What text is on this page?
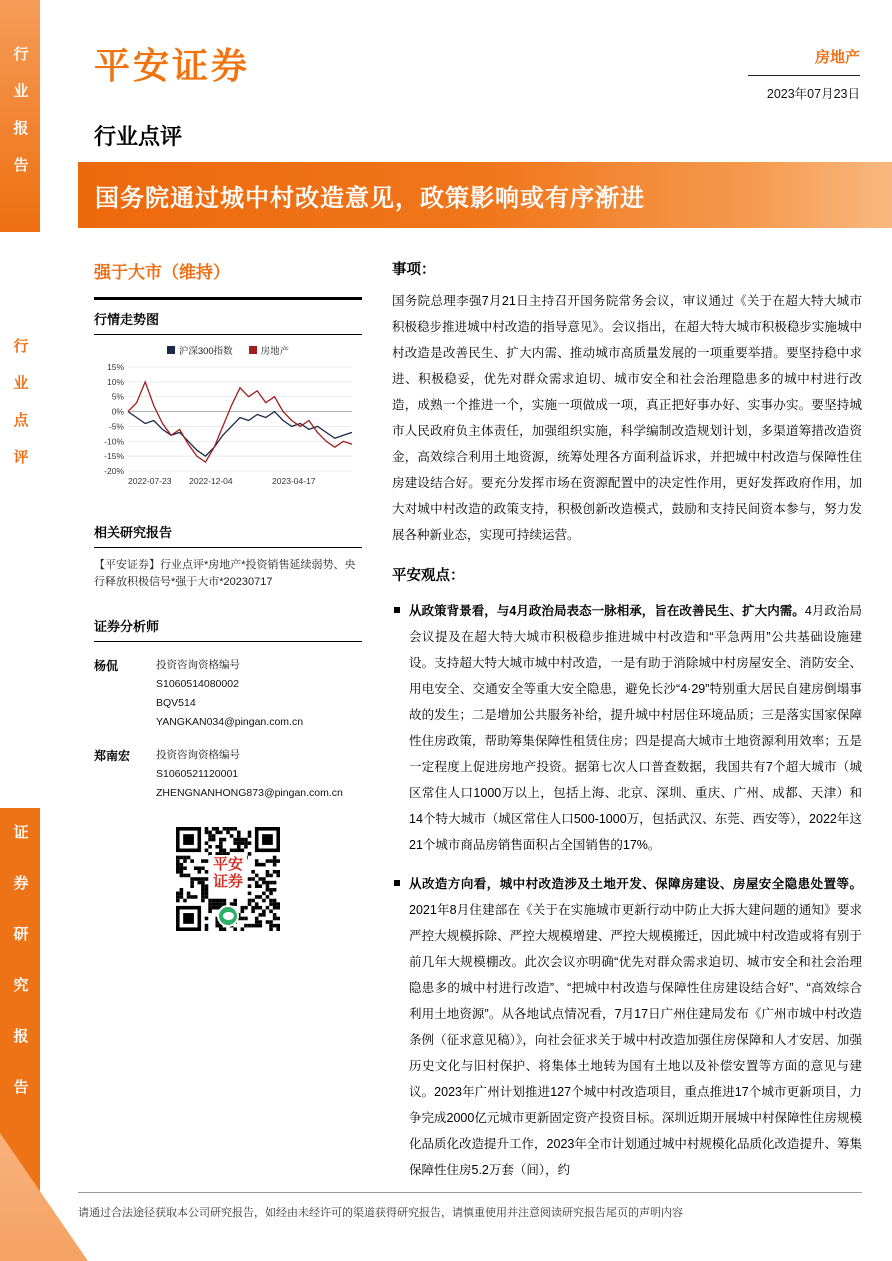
行业报告
行业点评
证券研究报告
平安证券	房地产
2023年07月23日
行业点评
国务院通过城中村改造意见，政策影响或有序渐进
强于大市（维持）
行情走势图
沪深300指数	房地产
15%
10%
5%
0%
-5%
-10%
-15%
-20%
2022-07-23 2022-12-04	2023-04-17
相关研究报告
【平安证券】行业点评*房地产*投资销售延续弱势、央行释放积极信号*强于大市*20230717
证券分析师
杨侃	投资咨询资格编号
S1060514080002
BQV514
YANGKAN034@pingan.com.cn
郑南宏	投资咨询资格编号
S1060521120001
ZHENGNANHONG873@pingan.com.cn
平安证券
事项：
国务院总理李强7月21日主持召开国务院常务会议，审议通过《关于在超大特大城市积极稳步推进城中村改造的指导意见》。会议指出，在超大特大城市积极稳步实施城中村改造是改善民生、扩大内需、推动城市高质量发展的一项重要举措。要坚持稳中求进、积极稳妥，优先对群众需求迫切、城市安全和社会治理隐患多的城中村进行改造，成熟一个推进一个，实施一项做成一项，真正把好事办好、实事办实。要坚持城市人民政府负主体责任，加强组织实施，科学编制改造规划计划，多渠道筹措改造资金，高效综合利用土地资源，统筹处理各方面利益诉求，并把城中村改造与保障性住房建设结合好。要充分发挥市场在资源配置中的决定性作用，更好发挥政府作用，加大对城中村改造的政策支持，积极创新改造模式，鼓励和支持民间资本参与，努力发展各种新业态，实现可持续运营。
平安观点：
从政策背景看，与4月政治局表态一脉相承，旨在改善民生、扩大内需。4月政治局会议提及在超大特大城市积极稳步推进城中村改造和“平急两用”公共基础设施建设。支持超大特大城市城中村改造，一是有助于消除城中村房屋安全、消防安全、用电安全、交通安全等重大安全隐患，避免长沙“4·29”特别重大居民自建房倒塌事故的发生；二是增加公共服务补给，提升城中村居住环境品质；三是落实国家保障性住房政策，帮助筹集保障性租赁住房；四是提高大城市土地资源利用效率；五是一定程度上促进房地产投资。据第七次人口普查数据，我国共有7个超大城市（城区常住人口1000万以上，包括上海、北京、深圳、重庆、广州、成都、天津）和14个特大城市（城区常住人口500-1000万，包括武汉、东莞、西安等），2022年这21个城市商品房销售面积占全国销售的17%。
从改造方向看，城中村改造涉及土地开发、保障房建设、房屋安全隐患处置等。2021年8月住建部在《关于在实施城市更新行动中防止大拆大建问题的通知》要求严控大规模拆除、严控大规模增建、严控大规模搬迁，因此城中村改造或将有别于前几年大规模棚改。此次会议亦明确“优先对群众需求迫切、城市安全和社会治理隐患多的城中村进行改造”、“把城中村改造与保障性住房建设结合好”、“高效综合利用土地资源”。从各地试点情况看，7月17日广州住建局发布《广州市城中村改造条例（征求意见稿）》，向社会征求关于城中村改造加强住房保障和人才安居、加强历史文化与旧村保护、将集体土地转为国有土地以及补偿安置等方面的意见与建议。2023年广州计划推进127个城中村改造项目，重点推进17个城市更新项目，力争完成2000亿元城市更新固定资产投资目标。深圳近期开展城中村保障性住房规模化品质化改造提升工作，2023年全市计划通过城中村规模化品质化改造提升、筹集保障性住房5.2万套（间），约
请通过合法途径获取本公司研究报告，如经由未经许可的渠道获得研究报告，请慎重使用并注意阅读研究报告尾页的声明内容
